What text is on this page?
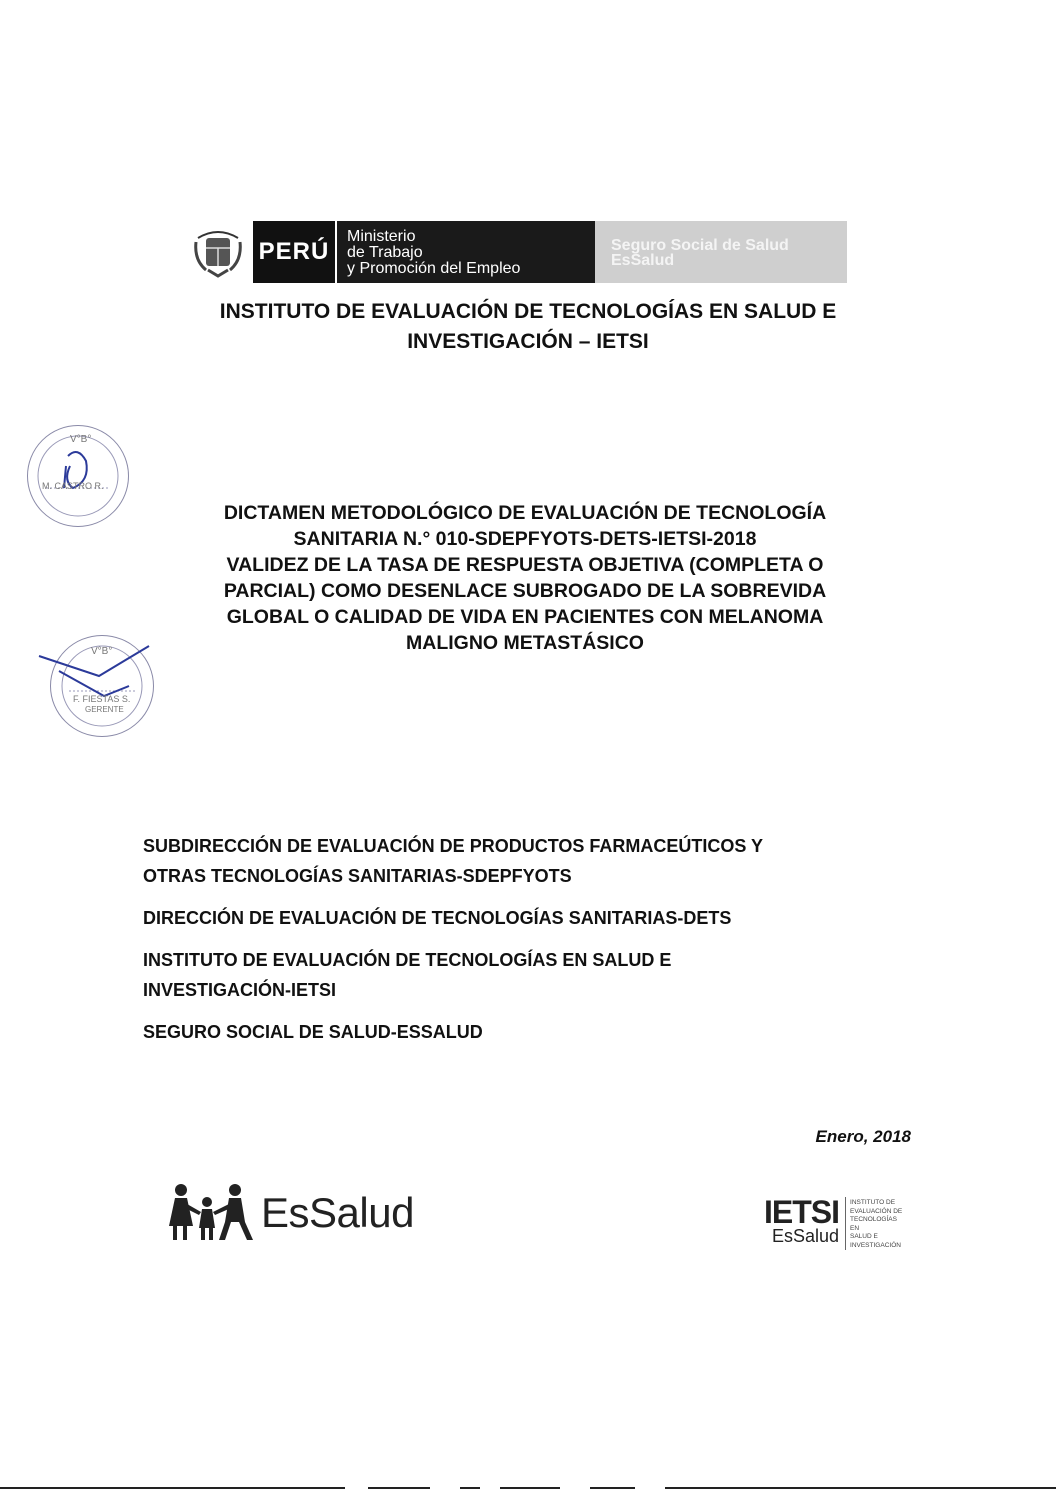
PERÚ
Ministerio
de Trabajo
y Promoción del Empleo
Seguro Social de Salud
EsSalud
INSTITUTO DE EVALUACIÓN DE TECNOLOGÍAS EN SALUD E
INVESTIGACIÓN – IETSI
V°B°
M. CASTRO R.
V°B°
F. FIESTAS S.
GERENTE
DICTAMEN METODOLÓGICO DE EVALUACIÓN DE TECNOLOGÍA
SANITARIA N.° 010-SDEPFYOTS-DETS-IETSI-2018
VALIDEZ DE LA TASA DE RESPUESTA OBJETIVA (COMPLETA O
PARCIAL) COMO DESENLACE SUBROGADO DE LA SOBREVIDA
GLOBAL O CALIDAD DE VIDA EN PACIENTES CON MELANOMA
MALIGNO METASTÁSICO

SUBDIRECCIÓN DE EVALUACIÓN DE PRODUCTOS FARMACEÚTICOS Y
OTRAS TECNOLOGÍAS SANITARIAS-SDEPFYOTS

DIRECCIÓN DE EVALUACIÓN DE TECNOLOGÍAS SANITARIAS-DETS

INSTITUTO DE EVALUACIÓN DE TECNOLOGÍAS EN SALUD E
INVESTIGACIÓN-IETSI

SEGURO SOCIAL DE SALUD-ESSALUD

Enero, 2018
EsSalud	IETSI
EsSalud
INSTITUTO DE
EVALUACIÓN DE
TECNOLOGÍAS EN
SALUD E
INVESTIGACIÓN
